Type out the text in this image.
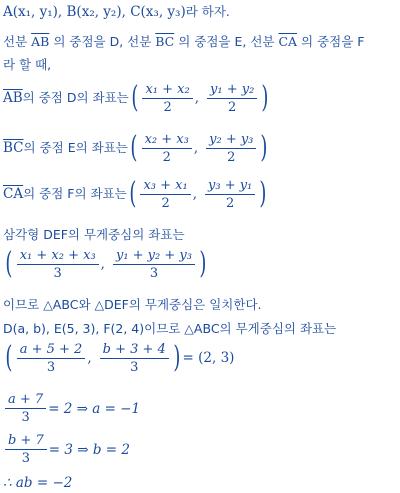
A(x₁, y₁), B(x₂, y₂), C(x₃, y₃)라 하자.
선분 $\overline{AB}$ 의 중점을 D, 선분 $\overline{BC}$ 의 중점을 E, 선분 $\overline{CA}$ 의 중점을 F
라 할 때,
$\overline{AB}$ 의 중점 D의 좌표는 ( $\frac{\text{x₁ + x₂}}{2}$ , $\frac{\text{y₁ + y₂}}{2}$ )
$\overline{BC}$ 의 중점 E의 좌표는 ( $\frac{\text{x₂ + x₃}}{2}$ , $\frac{\text{y₂ + y₃}}{2}$ )
$\overline{CA}$ 의 중점 F의 좌표는 ( $\frac{\text{x₃ + x₁}}{2}$ , $\frac{\text{y₃ + y₁}}{2}$ )
삼각형 DEF의 무게중심의 좌표는
( $\frac{\text{x₁ + x₂ + x₃}}{3}$ , $\frac{\text{y₁ + y₂ + y₃}}{3}$ )
이므로 △ABC와 △DEF의 무게중심은 일치한다.
D(a, b), E(5, 3), F(2, 4)이므로 △ABC의 무게중심의 좌표는
( $\frac{a + 5 + 2}{3}$ , $\frac{b + 3 + 4}{3}$ ) = (2, 3)
$\frac{a + 7}{3} = 2$ ⇒ a = −1
$\frac{b + 7}{3} = 3$ ⇒ b = 2
∴ ab = −2
